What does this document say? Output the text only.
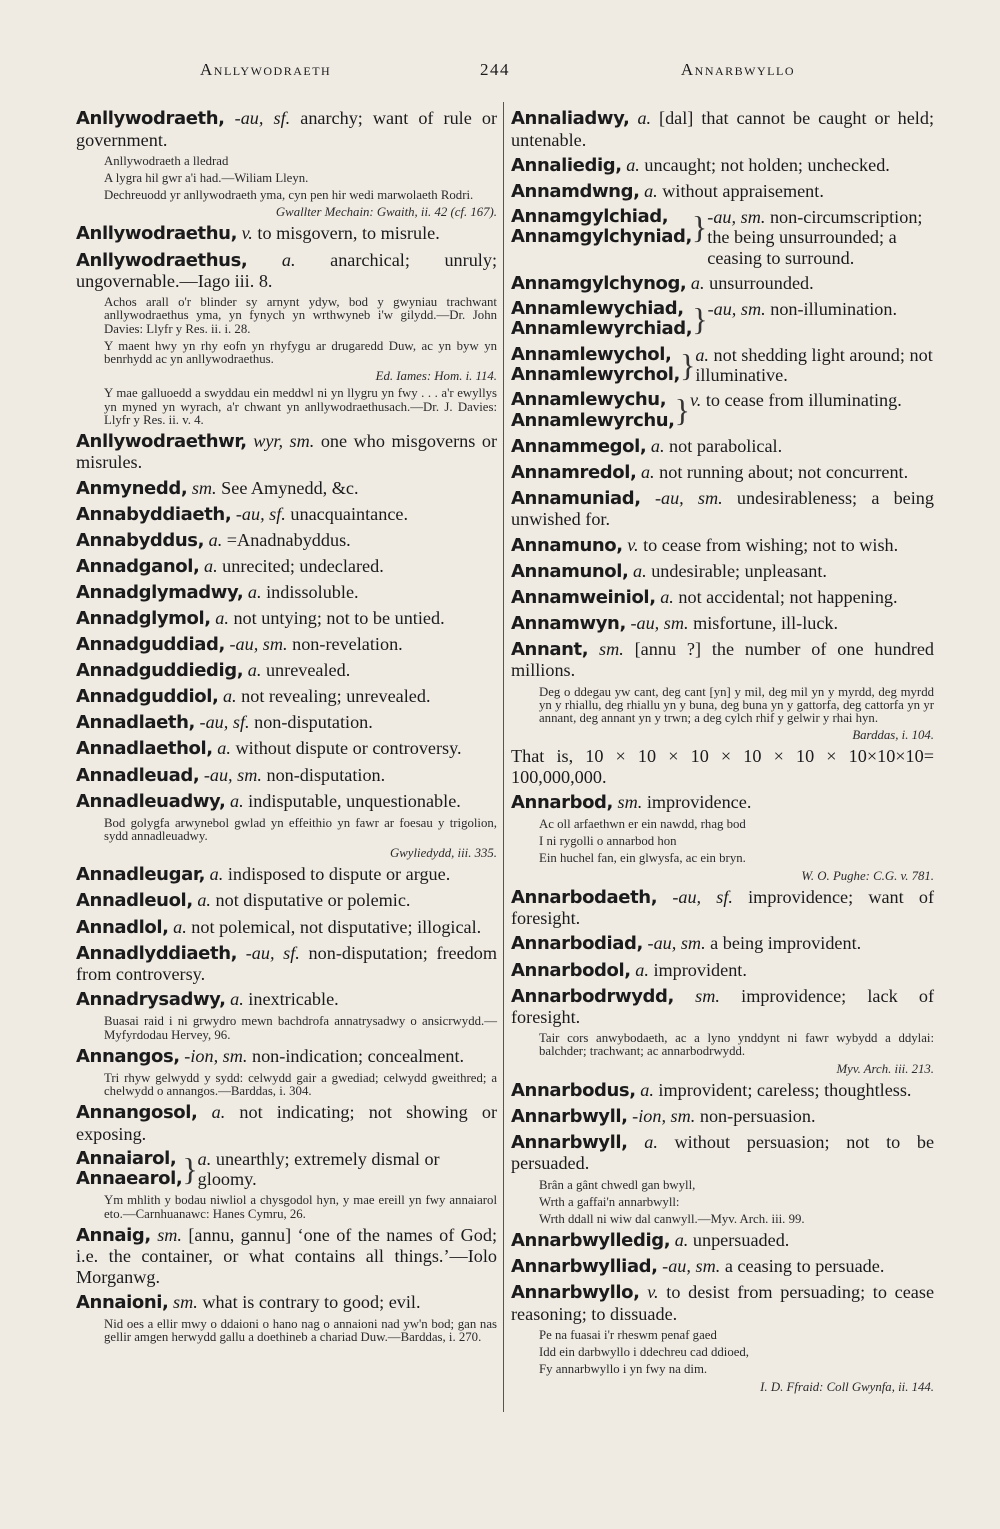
Anllywodraeth	244	Annarbwyllo
Anllywodraeth, -au, sf. anarchy; want of rule or government.
Anllywodraeth a lledrad
A lygra hil gwr a'i had.—Wiliam Lleyn.
Dechreuodd yr anllywodraeth yma, cyn pen hir wedi marwolaeth Rodri.
Gwallter Mechain: Gwaith, ii. 42 (cf. 167).
Anllywodraethu, v. to misgovern, to misrule.
Anllywodraethus, a. anarchical; unruly; ungovernable.—Iago iii. 8.
Achos arall o'r blinder sy arnynt ydyw, bod y gwyniau trachwant anllywodraethus yma, yn fynych yn wrthwyneb i'w gilydd.—Dr. John Davies: Llyfr y Res. ii. i. 28.
Y maent hwy yn rhy eofn yn rhyfygu ar drugaredd Duw, ac yn byw yn benrhydd ac yn anllywodraethus.
Ed. Iames: Hom. i. 114.
Y mae galluoedd a swyddau ein meddwl ni yn llygru yn fwy . . . a'r ewyllys yn myned yn wyrach, a'r chwant yn anllywodraethusach.—Dr. J. Davies: Llyfr y Res. ii. v. 4.
Anllywodraethwr, wyr, sm. one who misgoverns or misrules.
Anmynedd, sm. See Amynedd, &c.
Annabyddiaeth, -au, sf. unacquaintance.
Annabyddus, a. =Anadnabyddus.
Annadganol, a. unrecited; undeclared.
Annadglymadwy, a. indissoluble.
Annadglymol, a. not untying; not to be untied.
Annadguddiad, -au, sm. non-revelation.
Annadguddiedig, a. unrevealed.
Annadguddiol, a. not revealing; unrevealed.
Annadlaeth, -au, sf. non-disputation.
Annadlaethol, a. without dispute or controversy.
Annadleuad, -au, sm. non-disputation.
Annadleuadwy, a. indisputable, unquestionable.
Bod golygfa arwynebol gwlad yn effeithio yn fawr ar foesau y trigolion, sydd annadleuadwy.
Gwyliedydd, iii. 335.
Annadleugar, a. indisposed to dispute or argue.
Annadleuol, a. not disputative or polemic.
Annadlol, a. not polemical, not disputative; illogical.
Annadlyddiaeth, -au, sf. non-disputation; freedom from controversy.
Annadrysadwy, a. inextricable.
Buasai raid i ni grwydro mewn bachdrofa annatrysadwy o ansicrwydd.—Myfyrdodau Hervey, 96.
Annangos, -ion, sm. non-indication; concealment.
Tri rhyw gelwydd y sydd: celwydd gair a gwediad; celwydd gweithred; a chelwydd o annangos.—Barddas, i. 304.
Annangosol, a. not indicating; not showing or exposing.
Annaiarol,
Annaearol, } a. unearthly; extremely dismal or gloomy.
Ym mhlith y bodau niwliol a chysgodol hyn, y mae ereill yn fwy annaiarol eto.—Carnhuanawc: Hanes Cymru, 26.
Annaig, sm. [annu, gannu] ‘one of the names of God; i.e. the container, or what contains all things.’—Iolo Morganwg.
Annaioni, sm. what is contrary to good; evil.
Nid oes a ellir mwy o ddaioni o hano nag o annaioni nad yw'n bod; gan nas gellir amgen herwydd gallu a doethineb a chariad Duw.—Barddas, i. 270.
Annaliadwy, a. [dal] that cannot be caught or held; untenable.
Annaliedig, a. uncaught; not holden; unchecked.
Annamdwng, a. without appraisement.
Annamgylchiad,
Annamgylchyniad, } -au, sm. non-circumscription; the being unsurrounded; a ceasing to surround.
Annamgylchynog, a. unsurrounded.
Annamlewychiad,
Annamlewyrchiad, } -au, sm. non-illumination.
Annamlewychol,
Annamlewyrchol, } a. not shedding light around; not illuminative.
Annamlewychu,
Annamlewyrchu, } v. to cease from illuminating.
Annammegol, a. not parabolical.
Annamredol, a. not running about; not concurrent.
Annamuniad, -au, sm. undesirableness; a being unwished for.
Annamuno, v. to cease from wishing; not to wish.
Annamunol, a. undesirable; unpleasant.
Annamweiniol, a. not accidental; not happening.
Annamwyn, -au, sm. misfortune, ill-luck.
Annant, sm. [annu ?] the number of one hundred millions.
Deg o ddegau yw cant, deg cant [yn] y mil, deg mil yn y myrdd, deg myrdd yn y rhiallu, deg rhiallu yn y buna, deg buna yn y gattorfa, deg cattorfa yn yr annant, deg annant yn y trwn; a deg cylch rhif y gelwir y rhai hyn.
Barddas, i. 104.
That is, 10 × 10 × 10 × 10 × 10 × 10×10×10= 100,000,000.
Annarbod, sm. improvidence.
Ac oll arfaethwn er ein nawdd, rhag bod
I ni rygolli o annarbod hon
Ein huchel fan, ein glwysfa, ac ein bryn.
W. O. Pughe: C.G. v. 781.
Annarbodaeth, -au, sf. improvidence; want of foresight.
Annarbodiad, -au, sm. a being improvident.
Annarbodol, a. improvident.
Annarbodrwydd, sm. improvidence; lack of foresight.
Tair cors anwybodaeth, ac a lyno ynddynt ni fawr wybydd a ddylai: balchder; trachwant; ac annarbodrwydd.
Myv. Arch. iii. 213.
Annarbodus, a. improvident; careless; thoughtless.
Annarbwyll, -ion, sm. non-persuasion.
Annarbwyll, a. without persuasion; not to be persuaded.
Brân a gânt chwedl gan bwyll,
Wrth a gaffai'n annarbwyll:
Wrth ddall ni wiw dal canwyll.—Myv. Arch. iii. 99.
Annarbwylledig, a. unpersuaded.
Annarbwylliad, -au, sm. a ceasing to persuade.
Annarbwyllo, v. to desist from persuading; to cease reasoning; to dissuade.
Pe na fuasai i'r rheswm penaf gaed
Idd ein darbwyllo i ddechreu cad ddioed,
Fy annarbwyllo i yn fwy na dim.
I. D. Ffraid: Coll Gwynfa, ii. 144.
